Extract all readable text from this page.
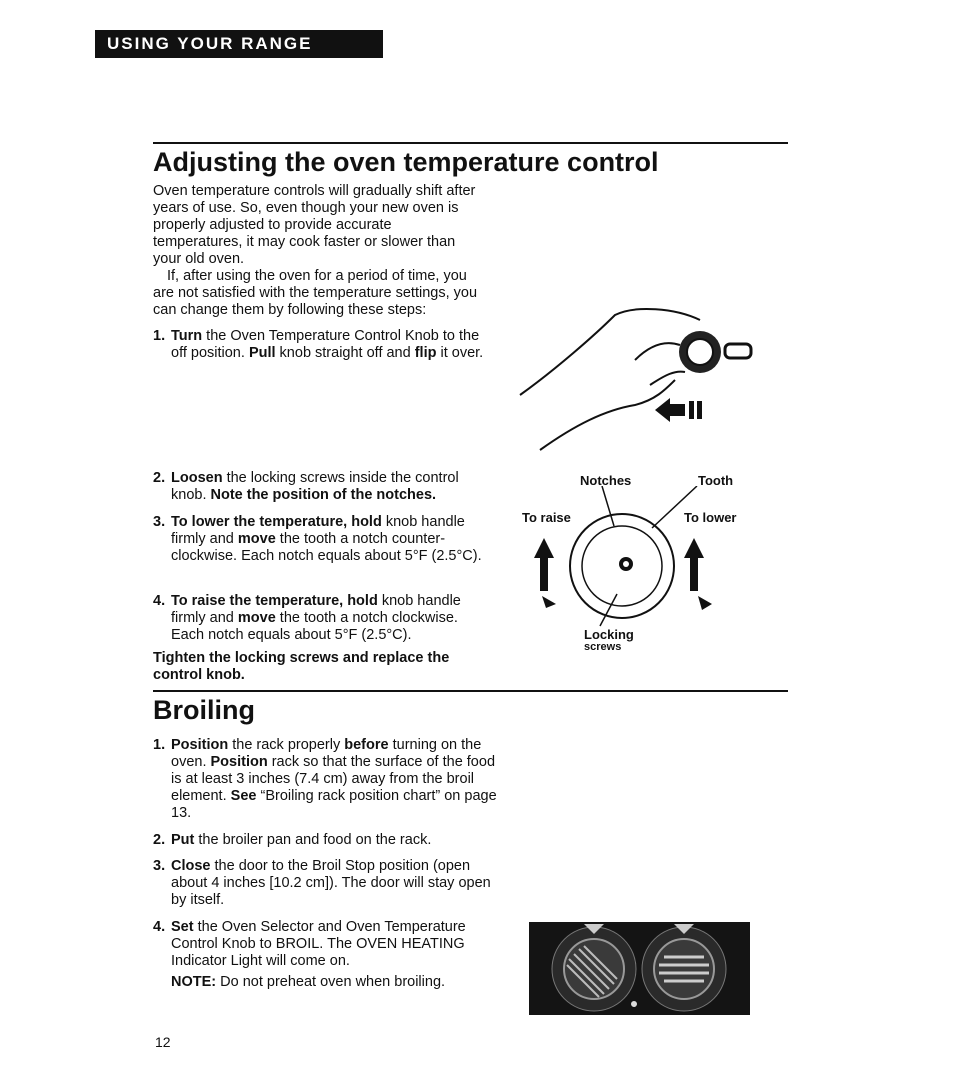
USING YOUR RANGE
Adjusting the oven temperature control
Oven temperature controls will gradually shift after years of use. So, even though your new oven is properly adjusted to provide accurate temperatures, it may cook faster or slower than your old oven.
If, after using the oven for a period of time, you are not satisfied with the temperature settings, you can change them by following these steps:
1. Turn the Oven Temperature Control Knob to the off position. Pull knob straight off and flip it over.
2. Loosen the locking screws inside the control knob. Note the position of the notches.
3. To lower the temperature, hold knob handle firmly and move the tooth a notch counter-clockwise. Each notch equals about 5°F (2.5°C).
4. To raise the temperature, hold knob handle firmly and move the tooth a notch clockwise. Each notch equals about 5°F (2.5°C).
Tighten the locking screws and replace the control knob.
Notches	Tooth
To raise	To lower
Locking
screws
Broiling
1. Position the rack properly before turning on the oven. Position rack so that the surface of the food is at least 3 inches (7.4 cm) away from the broil element. See “Broiling rack position chart” on page 13.
2. Put the broiler pan and food on the rack.
3. Close the door to the Broil Stop position (open about 4 inches [10.2 cm]). The door will stay open by itself.
4. Set the Oven Selector and Oven Temperature Control Knob to BROIL. The OVEN HEATING Indicator Light will come on.
NOTE: Do not preheat oven when broiling.
12
